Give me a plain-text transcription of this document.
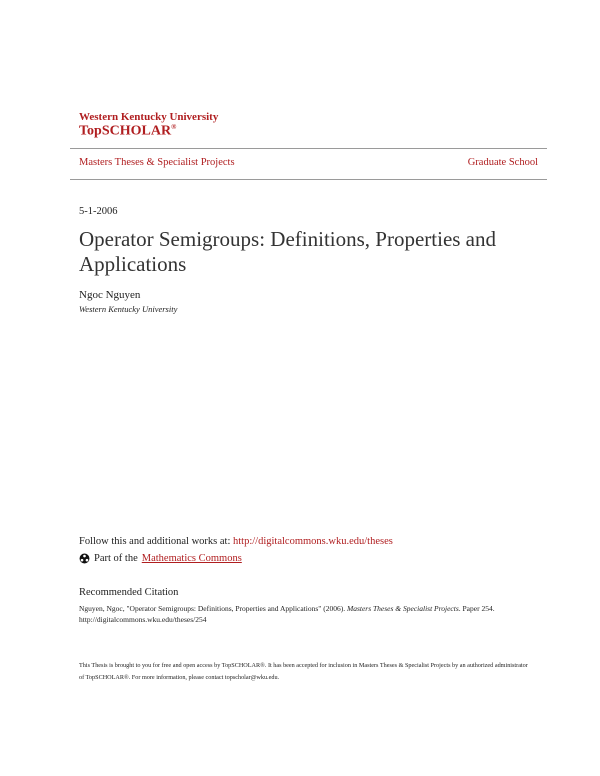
Western Kentucky University
TopSCHOLAR®
Masters Theses & Specialist Projects	Graduate School
5-1-2006
Operator Semigroups: Definitions, Properties and Applications
Ngoc Nguyen
Western Kentucky University
Follow this and additional works at: http://digitalcommons.wku.edu/theses
Part of the Mathematics Commons
Recommended Citation
Nguyen, Ngoc, "Operator Semigroups: Definitions, Properties and Applications" (2006). Masters Theses & Specialist Projects. Paper 254.
http://digitalcommons.wku.edu/theses/254
This Thesis is brought to you for free and open access by TopSCHOLAR®. It has been accepted for inclusion in Masters Theses & Specialist Projects by an authorized administrator of TopSCHOLAR®. For more information, please contact topscholar@wku.edu.
